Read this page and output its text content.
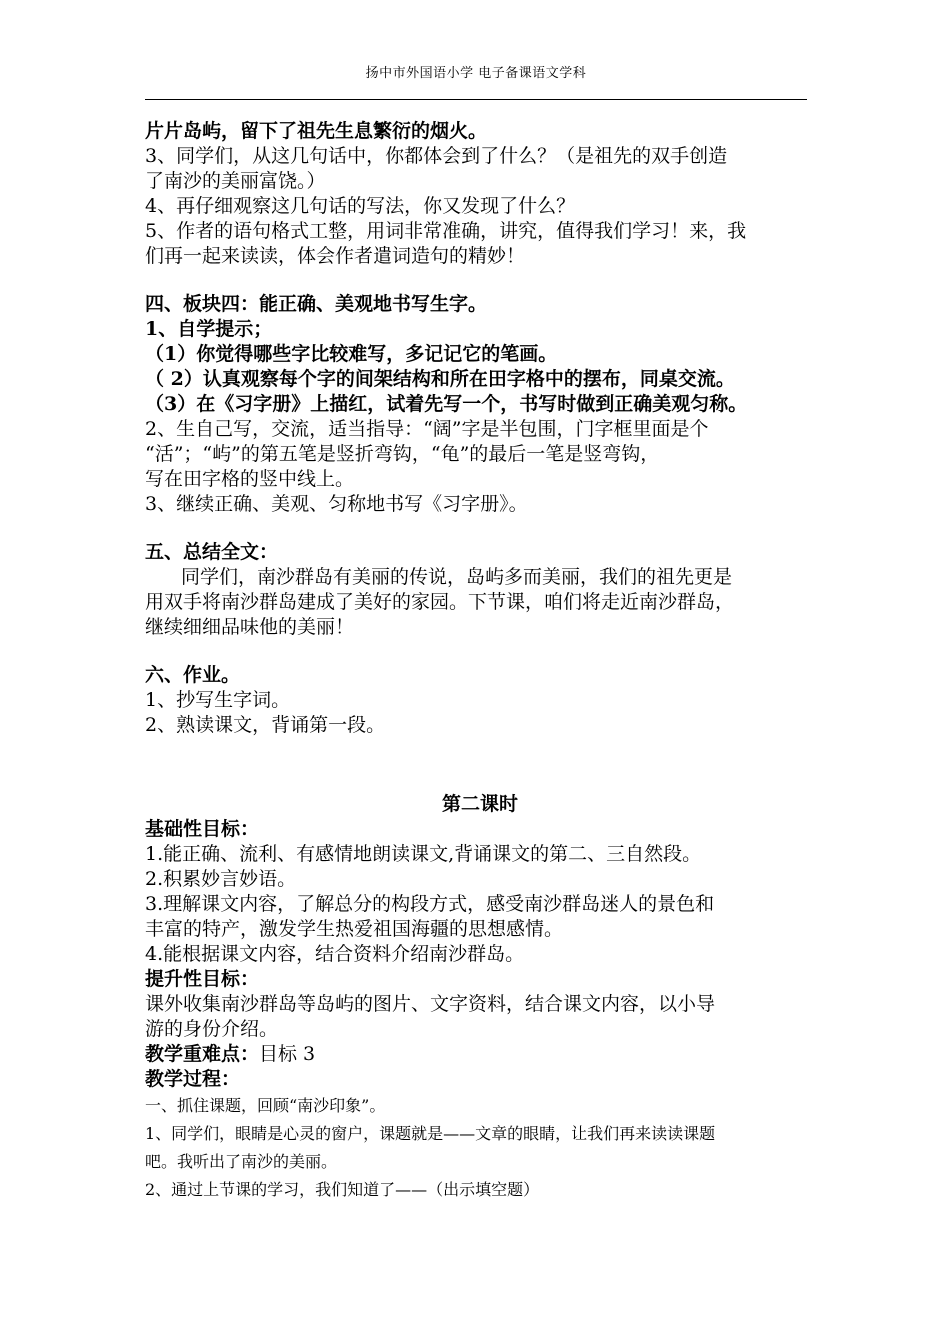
扬中市外国语小学 电子备课语文学科
片片岛屿，留下了祖先生息繁衍的烟火。
3、同学们，从这几句话中，你都体会到了什么？（是祖先的双手创造
了南沙的美丽富饶。）
4、再仔细观察这几句话的写法，你又发现了什么？
5、作者的语句格式工整，用词非常准确，讲究，值得我们学习！来，我
们再一起来读读，体会作者遣词造句的精妙！
四、板块四：能正确、美观地书写生字。
1、自学提示；
（1）你觉得哪些字比较难写，多记记它的笔画。
（ 2）认真观察每个字的间架结构和所在田字格中的摆布，同桌交流。
（3）在《习字册》上描红，试着先写一个，书写时做到正确美观匀称。
2、生自己写，交流，适当指导：“阔”字是半包围，门字框里面是个
“活”；“屿”的第五笔是竖折弯钩，“龟”的最后一笔是竖弯钩，
写在田字格的竖中线上。
3、继续正确、美观、匀称地书写《习字册》。
五、总结全文：
同学们，南沙群岛有美丽的传说，岛屿多而美丽，我们的祖先更是
用双手将南沙群岛建成了美好的家园。下节课，咱们将走近南沙群岛，
继续细细品味他的美丽！
六、作业。
1、抄写生字词。
2、熟读课文，背诵第一段。
第二课时
基础性目标：
1.能正确、流利、有感情地朗读课文,背诵课文的第二、三自然段。
2.积累妙言妙语。
3.理解课文内容，了解总分的构段方式，感受南沙群岛迷人的景色和
丰富的特产，激发学生热爱祖国海疆的思想感情。
4.能根据课文内容，结合资料介绍南沙群岛。
提升性目标：
课外收集南沙群岛等岛屿的图片、文字资料，结合课文内容，以小导
游的身份介绍。
教学重难点：目标 3
教学过程：
一、抓住课题，回顾“南沙印象”。
1、同学们，眼睛是心灵的窗户，课题就是——文章的眼睛，让我们再来读读课题
吧。我听出了南沙的美丽。
2、通过上节课的学习，我们知道了——（出示填空题）
